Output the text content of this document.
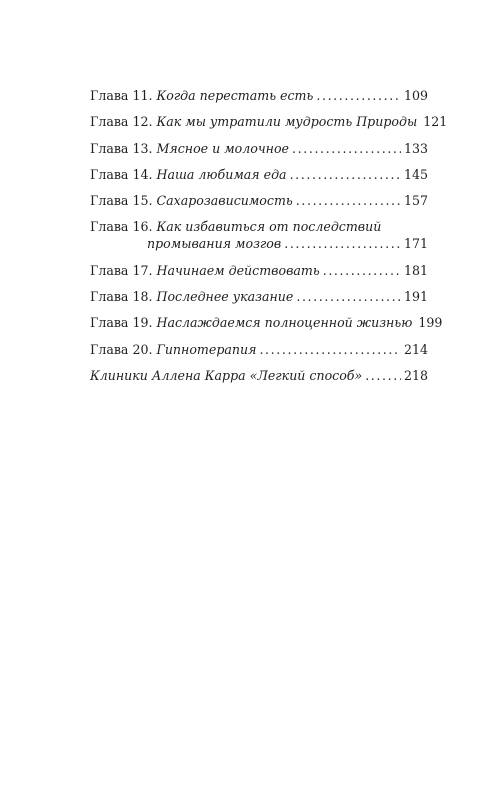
Глава 11. Когда перестать есть . . .	109
Глава 12. Как мы утратили мудрость Природы 121
Глава 13. Мясное и молочное . . .	133
Глава 14. Наша любимая еда . . .	145
Глава 15. Сахарозависимость . . .	157
Глава 16. Как избавиться от последствий
промывания мозгов . . .	171
Глава 17. Начинаем действовать . . .	181
Глава 18. Последнее указание . . .	191
Глава 19. Наслаждаемся полноценной жизнью 199
Глава 20. Гипнотерапия . . .	214
Клиники Аллена Карра «Легкий способ» . . .	218
